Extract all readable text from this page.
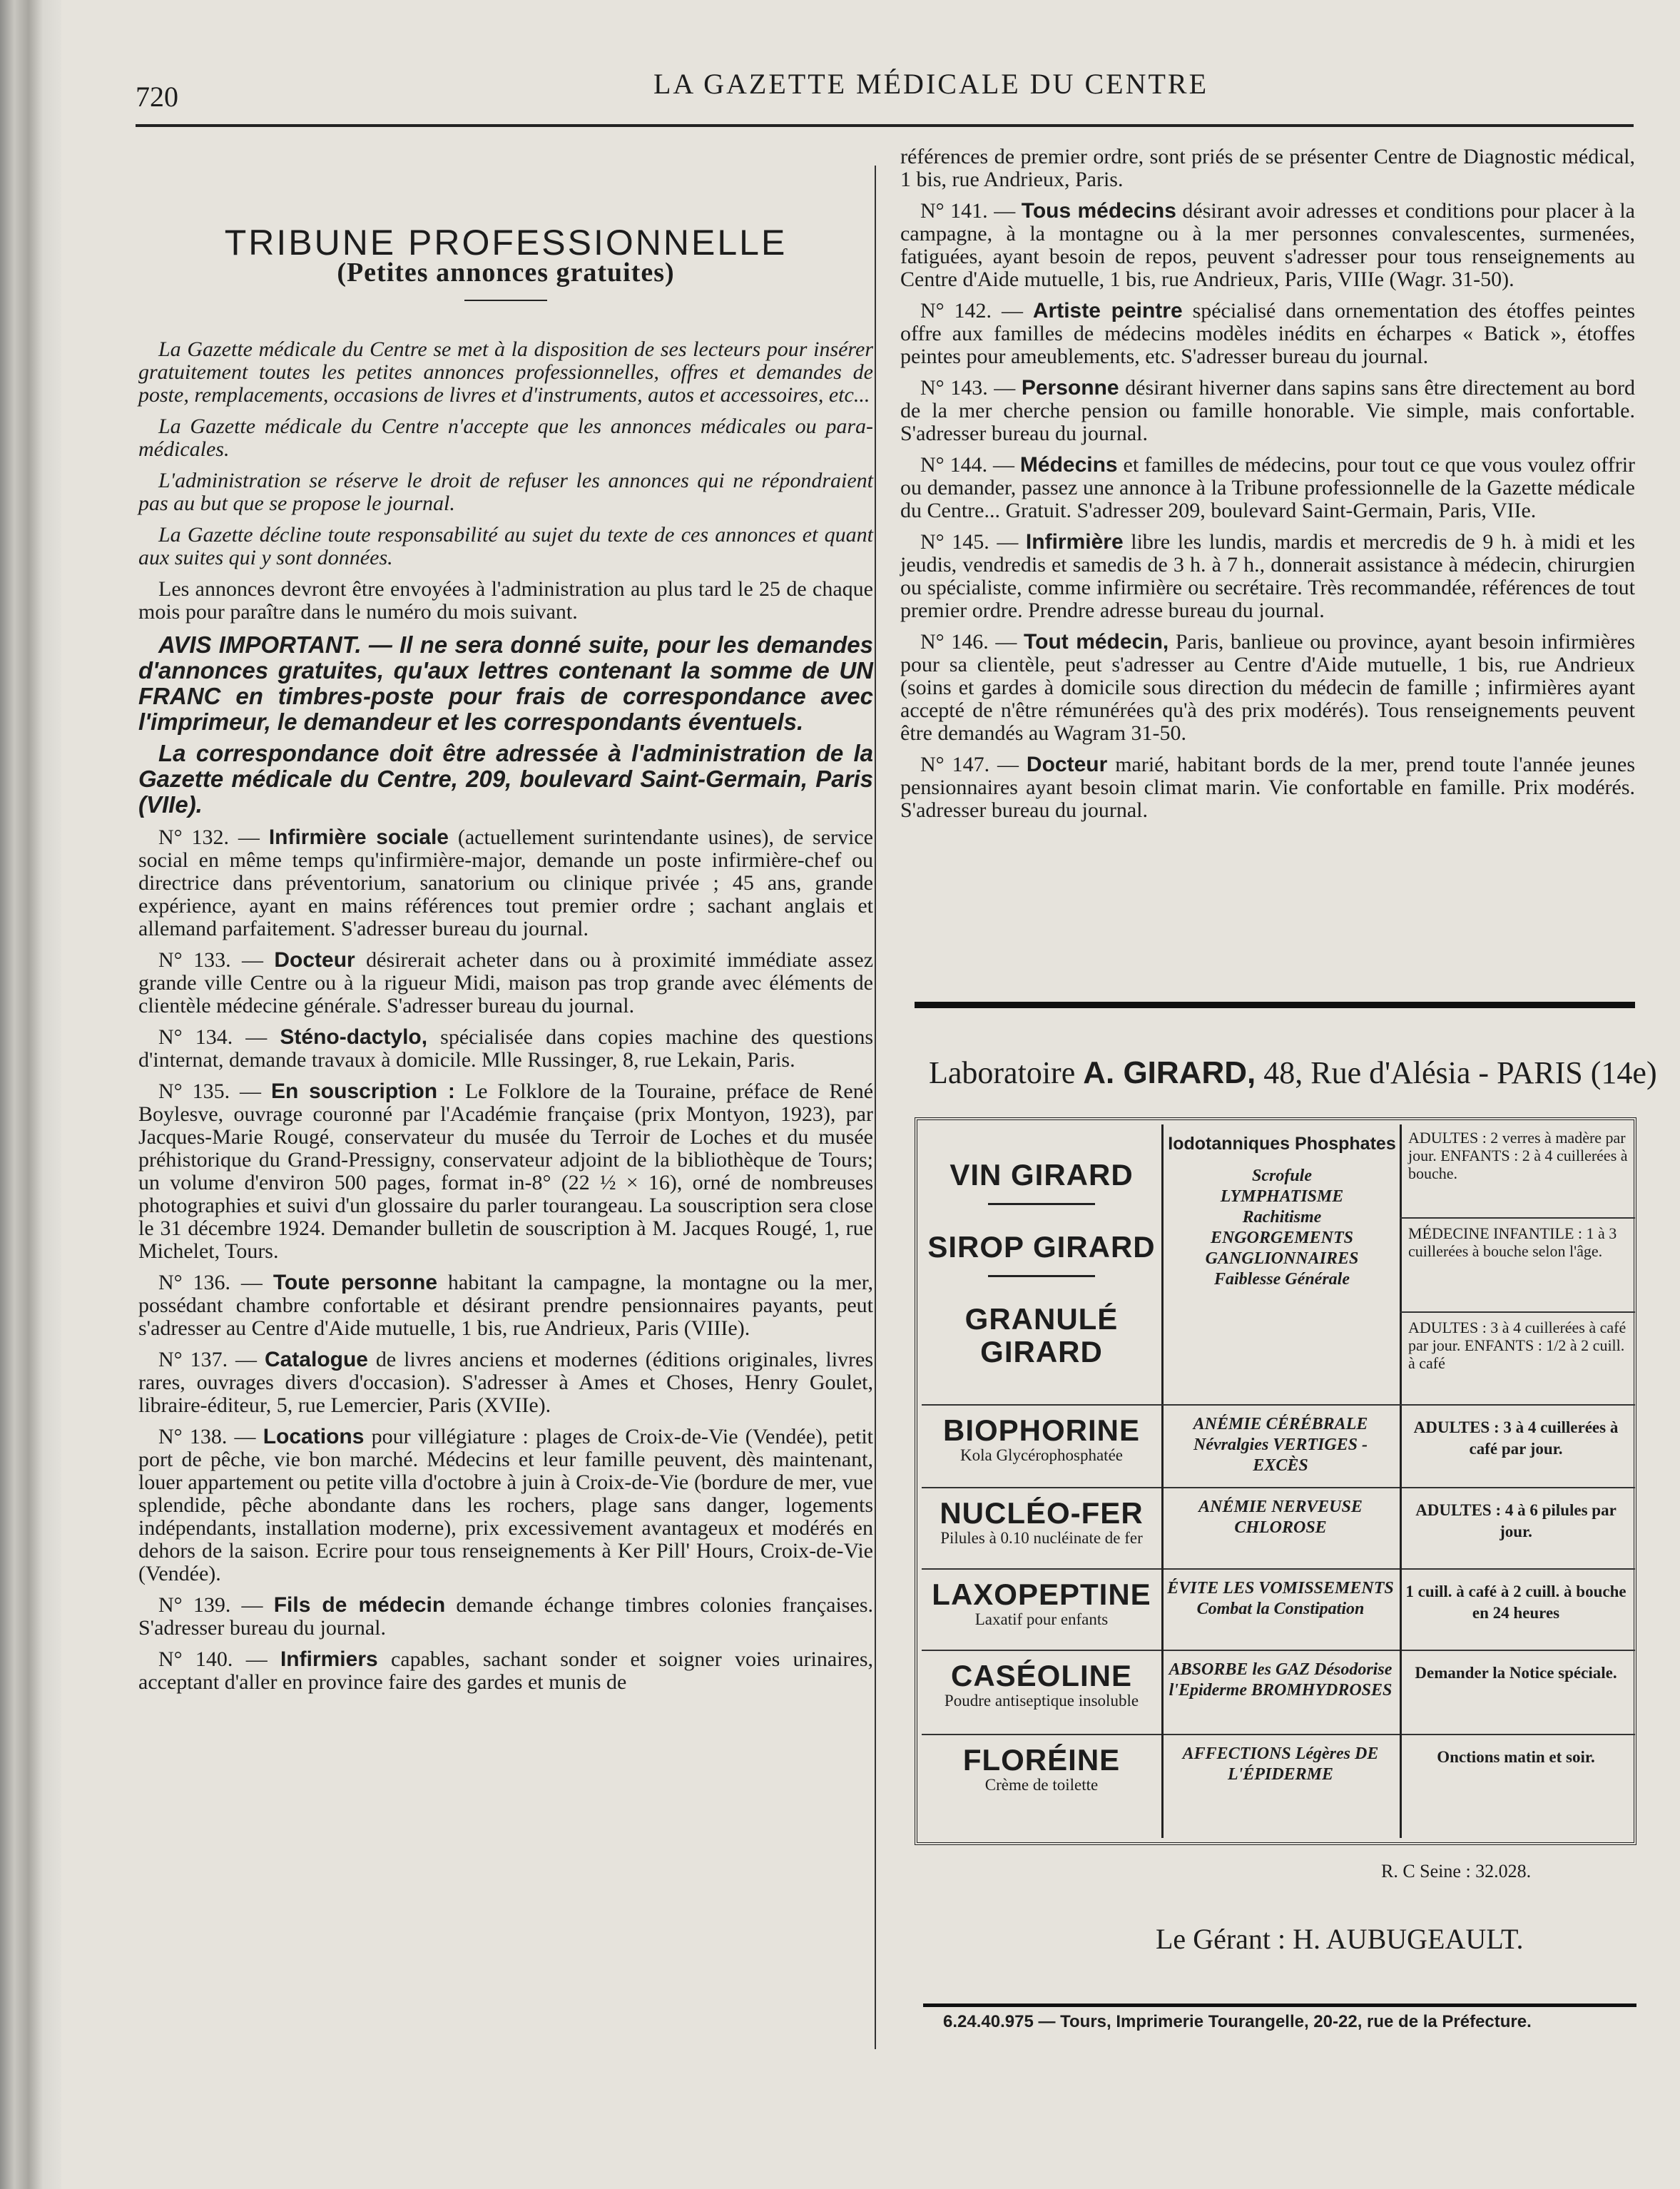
720	LA GAZETTE MÉDICALE DU CENTRE
TRIBUNE PROFESSIONNELLE
(Petites annonces gratuites)

La Gazette médicale du Centre se met à la disposition de ses lecteurs pour insérer gratuitement toutes les petites annonces professionnelles, offres et demandes de poste, remplacements, occasions de livres et d'instruments, autos et accessoires, etc...

La Gazette médicale du Centre n'accepte que les annonces médicales ou para-médicales.

L'administration se réserve le droit de refuser les annonces qui ne répondraient pas au but que se propose le journal.

La Gazette décline toute responsabilité au sujet du texte de ces annonces et quant aux suites qui y sont données.

Les annonces devront être envoyées à l'administration au plus tard le 25 de chaque mois pour paraître dans le numéro du mois suivant.

AVIS IMPORTANT. — Il ne sera donné suite, pour les demandes d'annonces gratuites, qu'aux lettres contenant la somme de UN FRANC en timbres-poste pour frais de correspondance avec l'imprimeur, le demandeur et les correspondants éventuels.

La correspondance doit être adressée à l'administration de la Gazette médicale du Centre, 209, boulevard Saint-Germain, Paris (VIIe).

N° 132. — Infirmière sociale (actuellement surintendante usines), de service social en même temps qu'infirmière-major, demande un poste infirmière-chef ou directrice dans préventorium, sanatorium ou clinique privée ; 45 ans, grande expérience, ayant en mains références tout premier ordre ; sachant anglais et allemand parfaitement. S'adresser bureau du journal.

N° 133. — Docteur désirerait acheter dans ou à proximité immédiate assez grande ville Centre ou à la rigueur Midi, maison pas trop grande avec éléments de clientèle médecine générale. S'adresser bureau du journal.

N° 134. — Sténo-dactylo, spécialisée dans copies machine des questions d'internat, demande travaux à domicile. Mlle Russinger, 8, rue Lekain, Paris.

N° 135. — En souscription : Le Folklore de la Touraine, préface de René Boylesve, ouvrage couronné par l'Académie française (prix Montyon, 1923), par Jacques-Marie Rougé, conservateur du musée du Terroir de Loches et du musée préhistorique du Grand-Pressigny, conservateur adjoint de la bibliothèque de Tours; un volume d'environ 500 pages, format in-8° (22 ½ × 16), orné de nombreuses photographies et suivi d'un glossaire du parler tourangeau. La souscription sera close le 31 décembre 1924. Demander bulletin de souscription à M. Jacques Rougé, 1, rue Michelet, Tours.

N° 136. — Toute personne habitant la campagne, la montagne ou la mer, possédant chambre confortable et désirant prendre pensionnaires payants, peut s'adresser au Centre d'Aide mutuelle, 1 bis, rue Andrieux, Paris (VIIIe).

N° 137. — Catalogue de livres anciens et modernes (éditions originales, livres rares, ouvrages divers d'occasion). S'adresser à Ames et Choses, Henry Goulet, libraire-éditeur, 5, rue Lemercier, Paris (XVIIe).

N° 138. — Locations pour villégiature : plages de Croix-de-Vie (Vendée), petit port de pêche, vie bon marché. Médecins et leur famille peuvent, dès maintenant, louer appartement ou petite villa d'octobre à juin à Croix-de-Vie (bordure de mer, vue splendide, pêche abondante dans les rochers, plage sans danger, logements indépendants, installation moderne), prix excessivement avantageux et modérés en dehors de la saison. Ecrire pour tous renseignements à Ker Pill' Hours, Croix-de-Vie (Vendée).

N° 139. — Fils de médecin demande échange timbres colonies françaises. S'adresser bureau du journal.

N° 140. — Infirmiers capables, sachant sonder et soigner voies urinaires, acceptant d'aller en province faire des gardes et munis de

références de premier ordre, sont priés de se présenter Centre de Diagnostic médical, 1 bis, rue Andrieux, Paris.

N° 141. — Tous médecins désirant avoir adresses et conditions pour placer à la campagne, à la montagne ou à la mer personnes convalescentes, surmenées, fatiguées, ayant besoin de repos, peuvent s'adresser pour tous renseignements au Centre d'Aide mutuelle, 1 bis, rue Andrieux, Paris, VIIIe (Wagr. 31-50).

N° 142. — Artiste peintre spécialisé dans ornementation des étoffes peintes offre aux familles de médecins modèles inédits en écharpes « Batick », étoffes peintes pour ameublements, etc. S'adresser bureau du journal.

N° 143. — Personne désirant hiverner dans sapins sans être directement au bord de la mer cherche pension ou famille honorable. Vie simple, mais confortable. S'adresser bureau du journal.

N° 144. — Médecins et familles de médecins, pour tout ce que vous voulez offrir ou demander, passez une annonce à la Tribune professionnelle de la Gazette médicale du Centre... Gratuit. S'adresser 209, boulevard Saint-Germain, Paris, VIIe.

N° 145. — Infirmière libre les lundis, mardis et mercredis de 9 h. à midi et les jeudis, vendredis et samedis de 3 h. à 7 h., donnerait assistance à médecin, chirurgien ou spécialiste, comme infirmière ou secrétaire. Très recommandée, références de tout premier ordre. Prendre adresse bureau du journal.

N° 146. — Tout médecin, Paris, banlieue ou province, ayant besoin infirmières pour sa clientèle, peut s'adresser au Centre d'Aide mutuelle, 1 bis, rue Andrieux (soins et gardes à domicile sous direction du médecin de famille ; infirmières ayant accepté de n'être rémunérées qu'à des prix modérés). Tous renseignements peuvent être demandés au Wagram 31-50.

N° 147. — Docteur marié, habitant bords de la mer, prend toute l'année jeunes pensionnaires ayant besoin climat marin. Vie confortable en famille. Prix modérés. S'adresser bureau du journal.

Laboratoire A. GIRARD, 48, Rue d'Alésia - PARIS (14e)
VIN GIRARD
SIROP GIRARD
GRANULÉ GIRARD
Iodotanniques Phosphates
Scrofule
LYMPHATISME
Rachitisme
ENGORGEMENTS
GANGLIONNAIRES
Faiblesse Générale
ADULTES : 2 verres à madère par jour. ENFANTS : 2 à 4 cuillerées à bouche.
MÉDECINE INFANTILE : 1 à 3 cuillerées à bouche selon l'âge.
ADULTES : 3 à 4 cuillerées à café par jour. ENFANTS : 1/2 à 2 cuill. à café
BIOPHORINE
Kola Glycérophosphatée
ANÉMIE CÉRÉBRALE Névralgies VERTIGES - EXCÈS
ADULTES : 3 à 4 cuillerées à café par jour.
NUCLÉO-FER
Pilules à 0.10 nucléinate de fer
ANÉMIE NERVEUSE CHLOROSE
ADULTES : 4 à 6 pilules par jour.
LAXOPEPTINE
Laxatif pour enfants
ÉVITE LES VOMISSEMENTS Combat la Constipation
1 cuill. à café à 2 cuill. à bouche en 24 heures
CASÉOLINE
Poudre antiseptique insoluble
ABSORBE les GAZ Désodorise l'Epiderme BROMHYDROSES
Demander la Notice spéciale.
FLORÉINE
Crème de toilette
AFFECTIONS Légères DE L'ÉPIDERME
Onctions matin et soir.
R. C Seine : 32.028.
Le Gérant : H. AUBUGEAULT.
6.24.40.975 — Tours, Imprimerie Tourangelle, 20-22, rue de la Préfecture.
